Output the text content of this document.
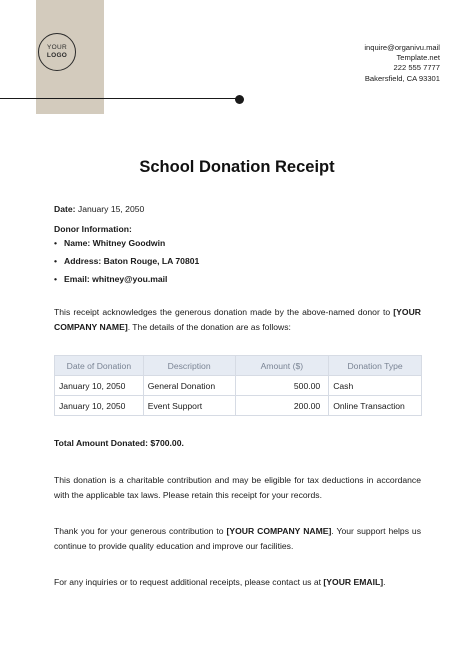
YOUR
LOGO
inquire@organivu.mail
Template.net
222 555 7777
Bakersfield, CA 93301
School Donation Receipt
Date: January 15, 2050
Donor Information:
• Name: Whitney Goodwin
• Address: Baton Rouge, LA 70801
• Email: whitney@you.mail
This receipt acknowledges the generous donation made by the above-named donor to [YOUR COMPANY NAME]. The details of the donation are as follows:
Date of Donation	Description	Amount ($)	Donation Type
January 10, 2050	General Donation	500.00	Cash
January 10, 2050	Event Support	200.00	Online Transaction
Total Amount Donated: $700.00.
This donation is a charitable contribution and may be eligible for tax deductions in accordance with the applicable tax laws. Please retain this receipt for your records.
Thank you for your generous contribution to [YOUR COMPANY NAME]. Your support helps us continue to provide quality education and improve our facilities.
For any inquiries or to request additional receipts, please contact us at [YOUR EMAIL].
